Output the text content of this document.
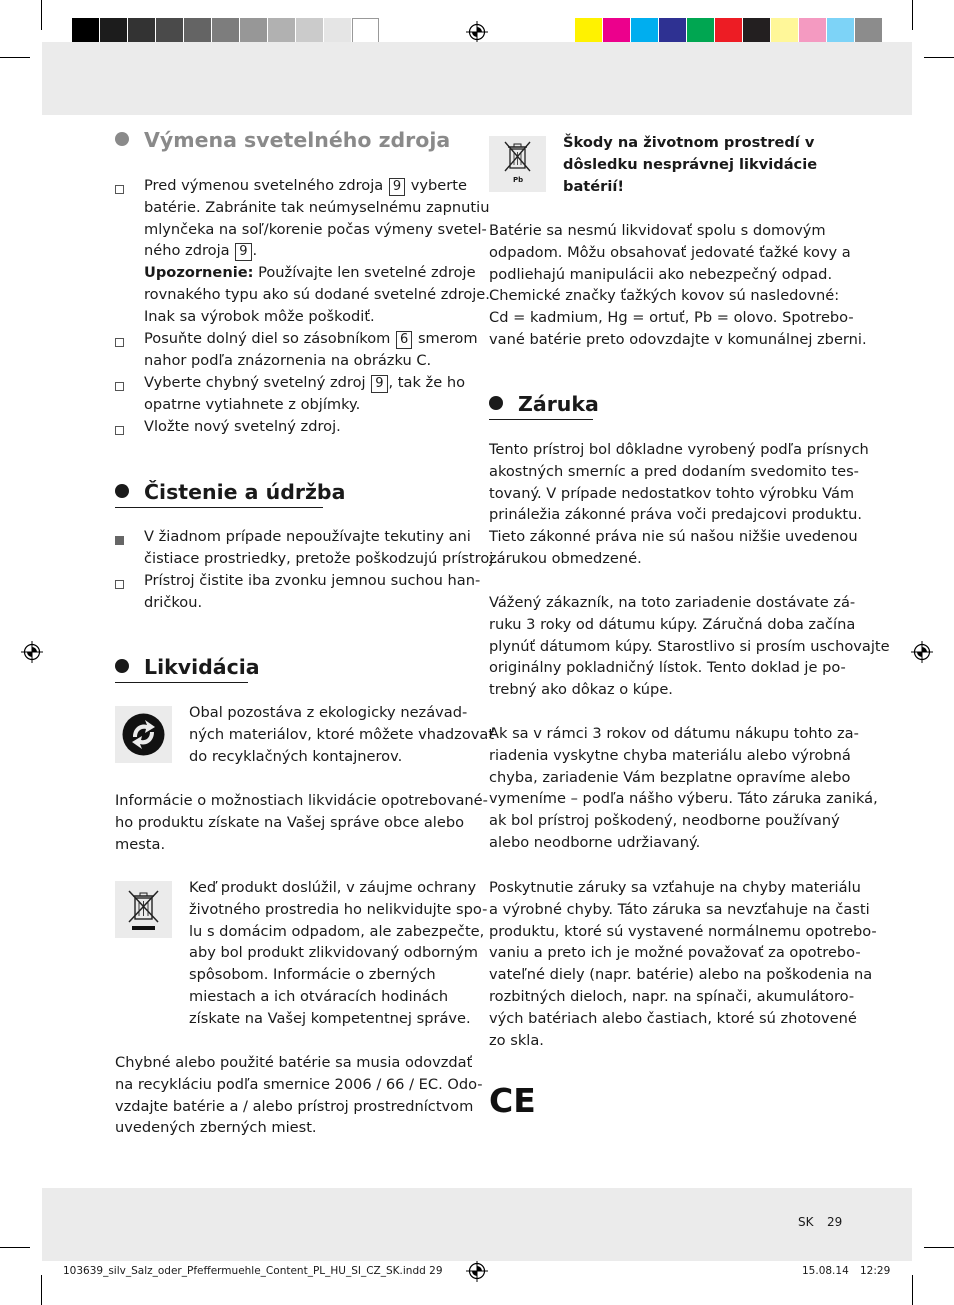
Výmena svetelného zdroja
Pred výmenou svetelného zdroja 9 vyberte
batérie. Zabránite tak neúmyselnému zapnutiu
mlynčeka na soľ/korenie počas výmeny svetel-
ného zdroja 9 .
Upozornenie: Používajte len svetelné zdroje
rovnakého typu ako sú dodané svetelné zdroje.
Inak sa výrobok môže poškodiť.
Posuňte dolný diel so zásobníkom 6 smerom
nahor podľa znázornenia na obrázku C.
Vyberte chybný svetelný zdroj 9 , tak že ho
opatrne vytiahnete z objímky.
Vložte nový svetelný zdroj.
Čistenie a údržba
V žiadnom prípade nepoužívajte tekutiny ani
čistiace prostriedky, pretože poškodzujú prístroj.
Prístroj čistite iba zvonku jemnou suchou han-
dričkou.
Likvidácia
Obal pozostáva z ekologicky nezávad-
ných materiálov, ktoré môžete vhadzovať
do recyklačných kontajnerov.
Informácie o možnostiach likvidácie opotrebované-
ho produktu získate na Vašej správe obce alebo
mesta.
Keď produkt doslúžil, v záujme ochrany
životného prostredia ho nelikvidujte spo-
lu s domácim odpadom, ale zabezpečte,
aby bol produkt zlikvidovaný odborným
spôsobom. Informácie o zberných
miestach a ich otváracích hodinách
získate na Vašej kompetentnej správe.
Chybné alebo použité batérie sa musia odovzdať
na recykláciu podľa smernice 2006 / 66 / EC. Odo-
vzdajte batérie a / alebo prístroj prostredníctvom
uvedených zberných miest.
Pb
Škody na životnom prostredí v
dôsledku nesprávnej likvidácie
batérií!
Batérie sa nesmú likvidovať spolu s domovým
odpadom. Môžu obsahovať jedovaté ťažké kovy a
podliehajú manipulácii ako nebezpečný odpad.
Chemické značky ťažkých kovov sú nasledovné:
Cd = kadmium, Hg = ortuť, Pb = olovo. Spotrebo-
vané batérie preto odovzdajte v komunálnej zberni.
Záruka
Tento prístroj bol dôkladne vyrobený podľa prísnych
akostných smerníc a pred dodaním svedomito tes-
tovaný. V prípade nedostatkov tohto výrobku Vám
prináležia zákonné práva voči predajcovi produktu.
Tieto zákonné práva nie sú našou nižšie uvedenou
zárukou obmedzené.
Vážený zákazník, na toto zariadenie dostávate zá-
ruku 3 roky od dátumu kúpy. Záručná doba začína
plynúť dátumom kúpy. Starostlivo si prosím uschovajte
originálny pokladničný lístok. Tento doklad je po-
trebný ako dôkaz o kúpe.
Ak sa v rámci 3 rokov od dátumu nákupu tohto za-
riadenia vyskytne chyba materiálu alebo výrobná
chyba, zariadenie Vám bezplatne opravíme alebo
vymeníme – podľa nášho výberu. Táto záruka zaniká,
ak bol prístroj poškodený, neodborne používaný
alebo neodborne udržiavaný.
Poskytnutie záruky sa vzťahuje na chyby materiálu
a výrobné chyby. Táto záruka sa nevzťahuje na časti
produktu, ktoré sú vystavené normálnemu opotrebo-
vaniu a preto ich je možné považovať za opotrebo-
vateľné diely (napr. batérie) alebo na poškodenia na
rozbitných dieloch, napr. na spínači, akumulátoro-
vých batériach alebo častiach, ktoré sú zhotovené
zo skla.
CE
SK 29
103639_silv_Salz_oder_Pfeffermuehle_Content_PL_HU_SI_CZ_SK.indd 29	15.08.14 12:29
